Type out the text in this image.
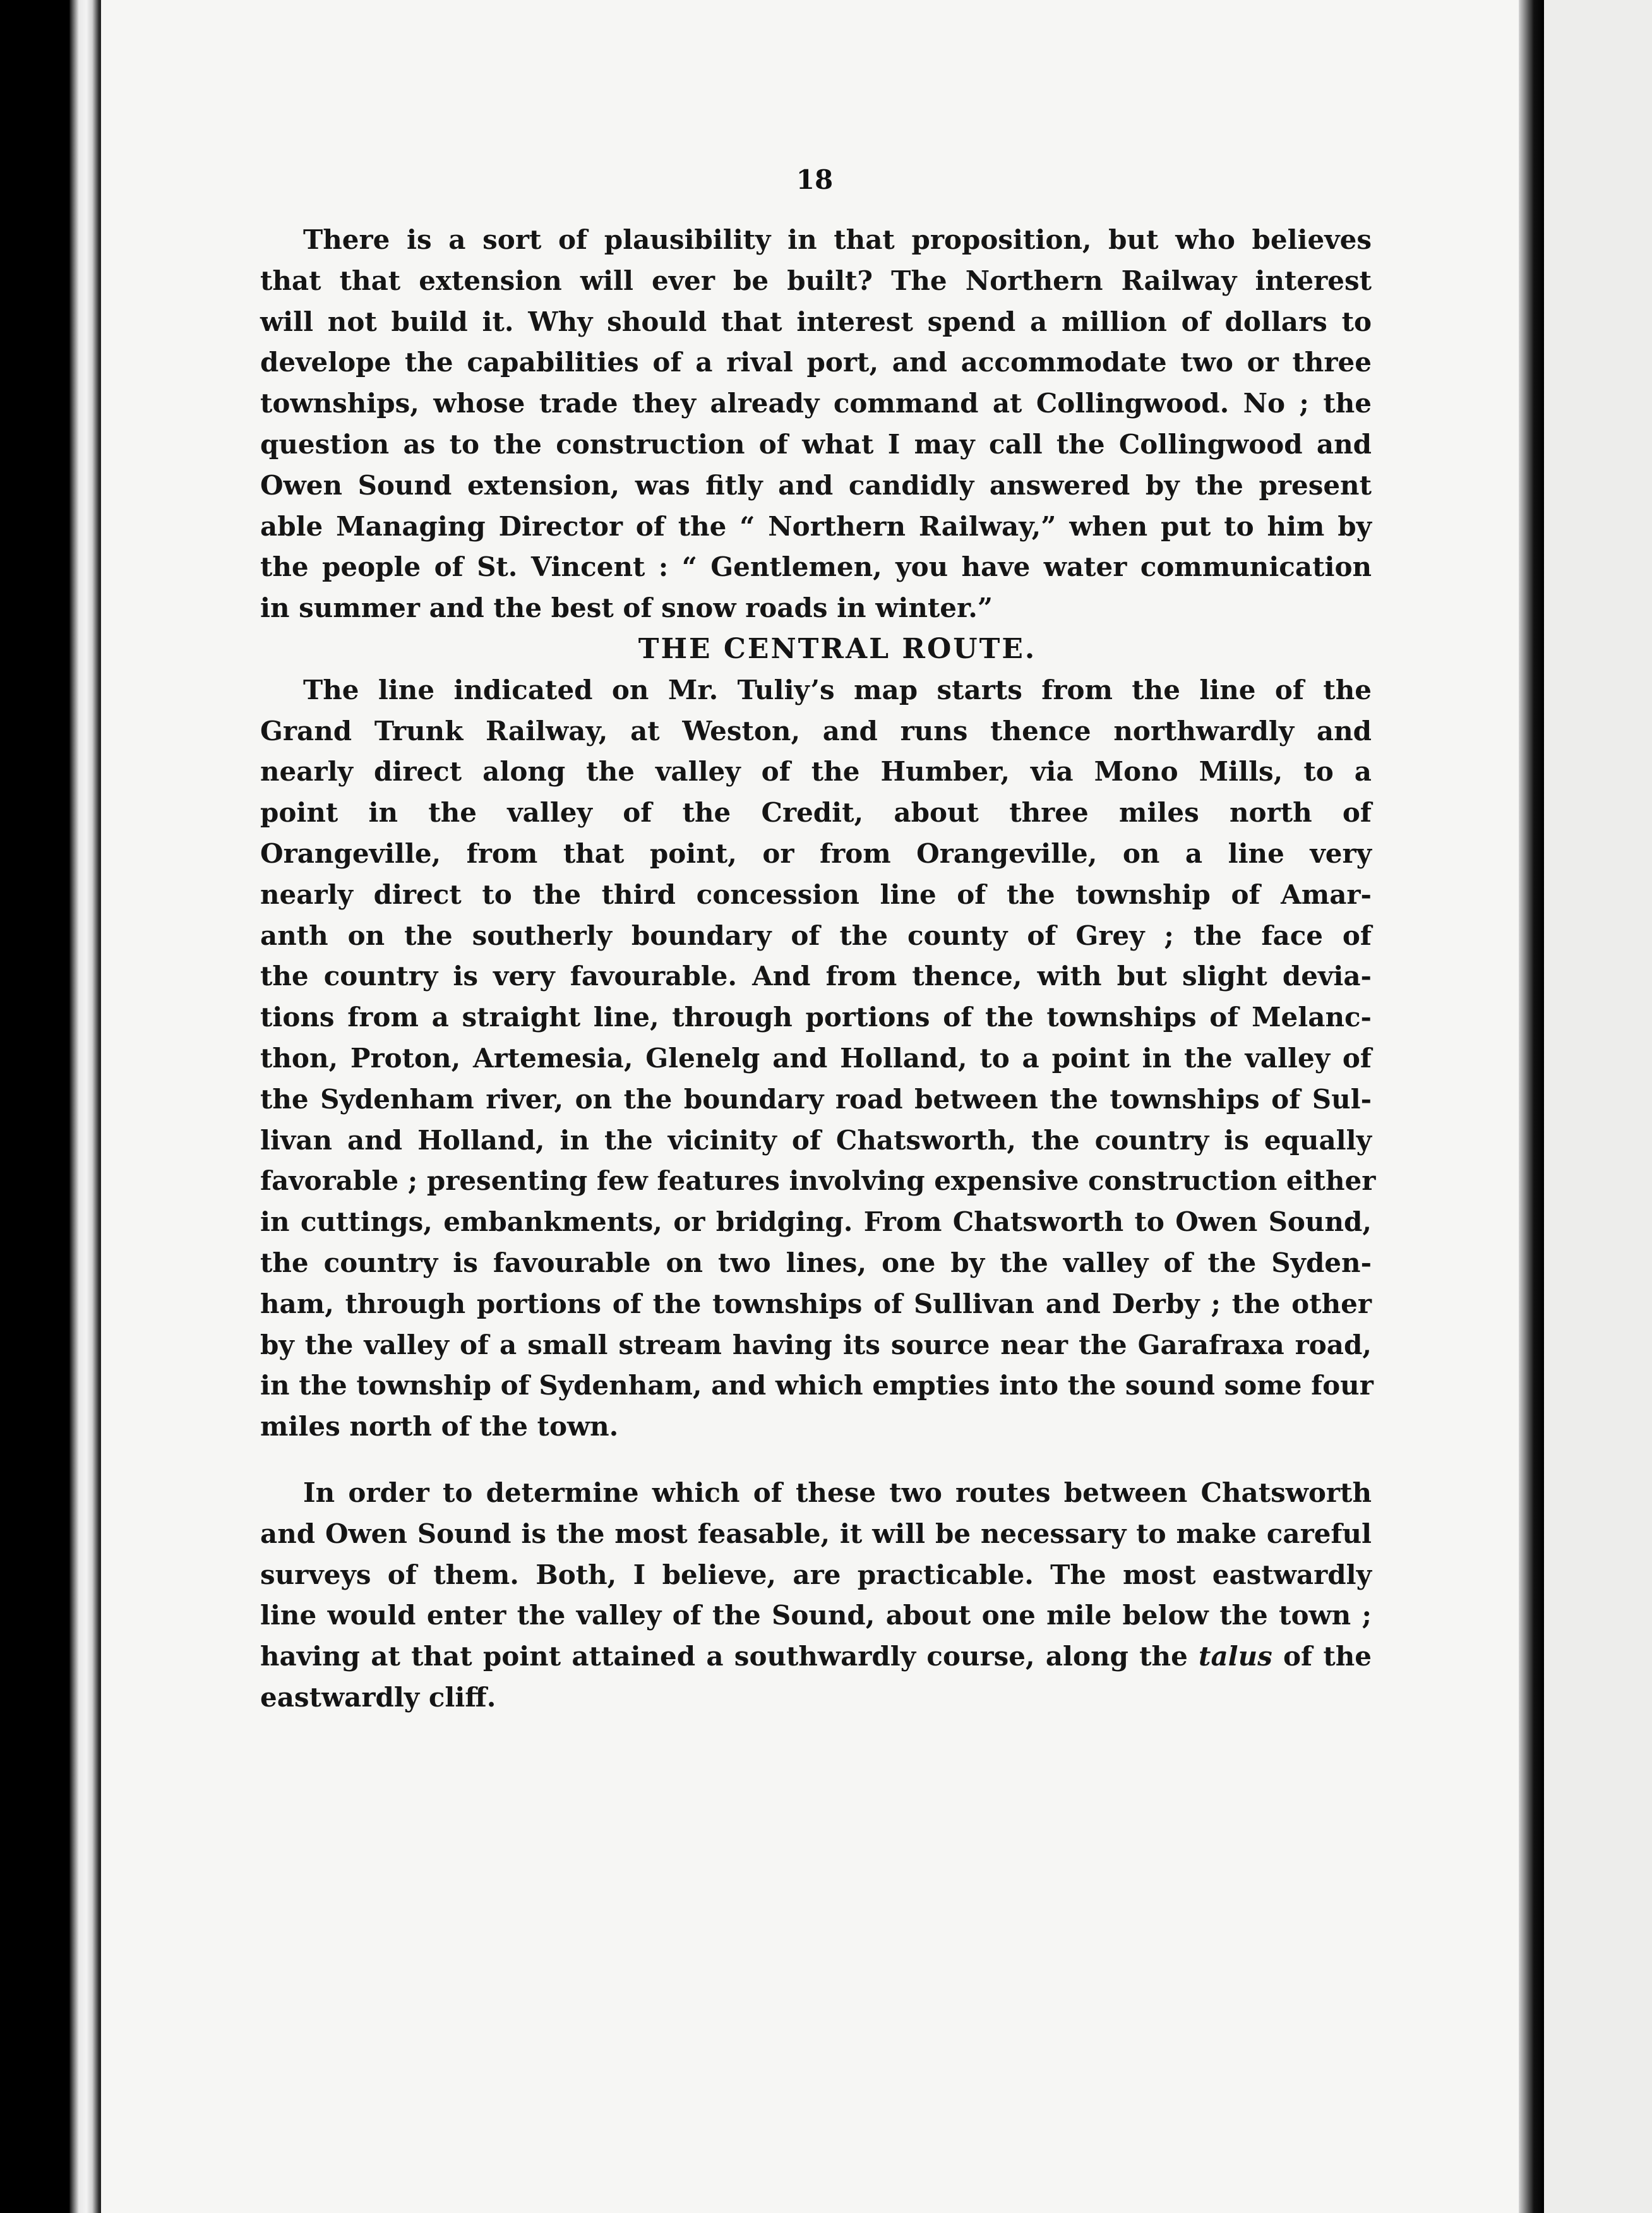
18

There is a sort of plausibility in that proposition, but who believes
that that extension will ever be built? The Northern Railway interest
will not build it. Why should that interest spend a million of dollars to
develope the capabilities of a rival port, and accommodate two or three
townships, whose trade they already command at Collingwood. No ; the
question as to the construction of what I may call the Collingwood and
Owen Sound extension, was fitly and candidly answered by the present
able Managing Director of the “ Northern Railway,” when put to him by
the people of St. Vincent : “ Gentlemen, you have water communication
in summer and the best of snow roads in winter.”

THE CENTRAL ROUTE.

The line indicated on Mr. Tuliy’s map starts from the line of the
Grand Trunk Railway, at Weston, and runs thence northwardly and
nearly direct along the valley of the Humber, via Mono Mills, to a
point in the valley of the Credit, about three miles north of
Orangeville, from that point, or from Orangeville, on a line very
nearly direct to the third concession line of the township of Amar-
anth on the southerly boundary of the county of Grey ; the face of
the country is very favourable. And from thence, with but slight devia-
tions from a straight line, through portions of the townships of Melanc-
thon, Proton, Artemesia, Glenelg and Holland, to a point in the valley of
the Sydenham river, on the boundary road between the townships of Sul-
livan and Holland, in the vicinity of Chatsworth, the country is equally
favorable ; presenting few features involving expensive construction either
in cuttings, embankments, or bridging. From Chatsworth to Owen Sound,
the country is favourable on two lines, one by the valley of the Syden-
ham, through portions of the townships of Sullivan and Derby ; the other
by the valley of a small stream having its source near the Garafraxa road,
in the township of Sydenham, and which empties into the sound some four
miles north of the town.

In order to determine which of these two routes between Chatsworth
and Owen Sound is the most feasable, it will be necessary to make careful
surveys of them. Both, I believe, are practicable. The most eastwardly
line would enter the valley of the Sound, about one mile below the town ;
having at that point attained a southwardly course, along the talus of the
eastwardly cliff.
